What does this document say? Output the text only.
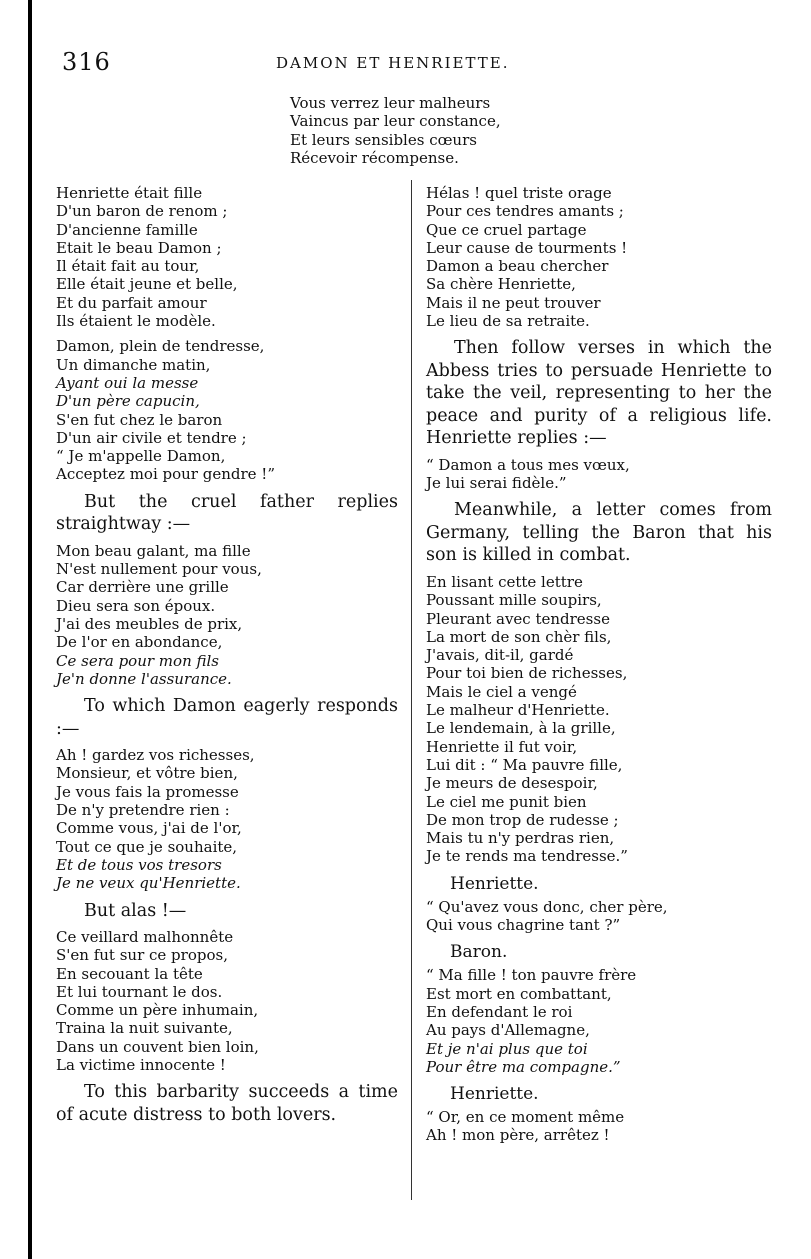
316	DAMON ET HENRIETTE.
Vous verrez leur malheurs
Vaincus par leur constance,
Et leurs sensibles cœurs
Récevoir récompense.
Henriette était fille
D'un baron de renom ;
D'ancienne famille
Etait le beau Damon ;
Il était fait au tour,
Elle était jeune et belle,
Et du parfait amour
Ils étaient le modèle.
Damon, plein de tendresse,
Un dimanche matin,
Ayant oui la messe
D'un père capucin,
S'en fut chez le baron
D'un air civile et tendre ;
“ Je m'appelle Damon,
Acceptez moi pour gendre !”
But the cruel father replies straightway :—
Mon beau galant, ma fille
N'est nullement pour vous,
Car derrière une grille
Dieu sera son époux.
J'ai des meubles de prix,
De l'or en abondance,
Ce sera pour mon fils
Je'n donne l'assurance.
To which Damon eagerly responds :—
Ah ! gardez vos richesses,
Monsieur, et vôtre bien,
Je vous fais la promesse
De n'y pretendre rien :
Comme vous, j'ai de l'or,
Tout ce que je souhaite,
Et de tous vos tresors
Je ne veux qu'Henriette.
But alas !—
Ce veillard malhonnête
S'en fut sur ce propos,
En secouant la tête
Et lui tournant le dos.
Comme un père inhumain,
Traina la nuit suivante,
Dans un couvent bien loin,
La victime innocente !
To this barbarity succeeds a time of acute distress to both lovers.
Hélas ! quel triste orage
Pour ces tendres amants ;
Que ce cruel partage
Leur cause de tourments !
Damon a beau chercher
Sa chère Henriette,
Mais il ne peut trouver
Le lieu de sa retraite.
Then follow verses in which the Abbess tries to persuade Henriette to take the veil, representing to her the peace and purity of a religious life. Henriette replies :—
“ Damon a tous mes vœux,
Je lui serai fidèle.”
Meanwhile, a letter comes from Germany, telling the Baron that his son is killed in combat.
En lisant cette lettre
Poussant mille soupirs,
Pleurant avec tendresse
La mort de son chèr fils,
J'avais, dit-il, gardé
Pour toi bien de richesses,
Mais le ciel a vengé
Le malheur d'Henriette.
Le lendemain, à la grille,
Henriette il fut voir,
Lui dit : “ Ma pauvre fille,
Je meurs de desespoir,
Le ciel me punit bien
De mon trop de rudesse ;
Mais tu n'y perdras rien,
Je te rends ma tendresse.”
Henriette.
“ Qu'avez vous donc, cher père,
Qui vous chagrine tant ?”
Baron.
“ Ma fille ! ton pauvre frère
Est mort en combattant,
En defendant le roi
Au pays d'Allemagne,
Et je n'ai plus que toi
Pour être ma compagne.”
Henriette.
“ Or, en ce moment même
Ah ! mon père, arrêtez !
